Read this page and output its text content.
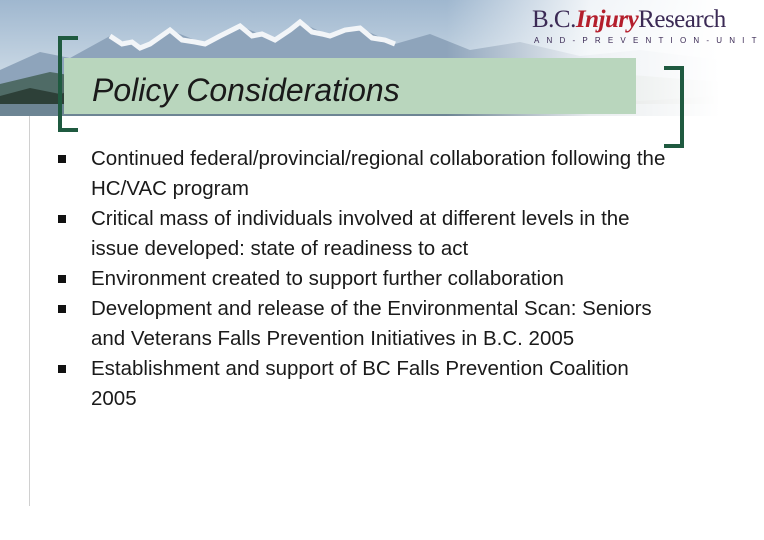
Policy Considerations
B.C.InjuryResearch
AND-PREVENTION-UNIT
Continued federal/provincial/regional collaboration following the HC/VAC program
Critical mass of individuals involved at different levels in the issue developed: state of readiness to act
Environment created to support further collaboration
Development and release of the Environmental Scan: Seniors and Veterans Falls Prevention Initiatives in B.C. 2005
Establishment and support of BC Falls Prevention Coalition 2005
